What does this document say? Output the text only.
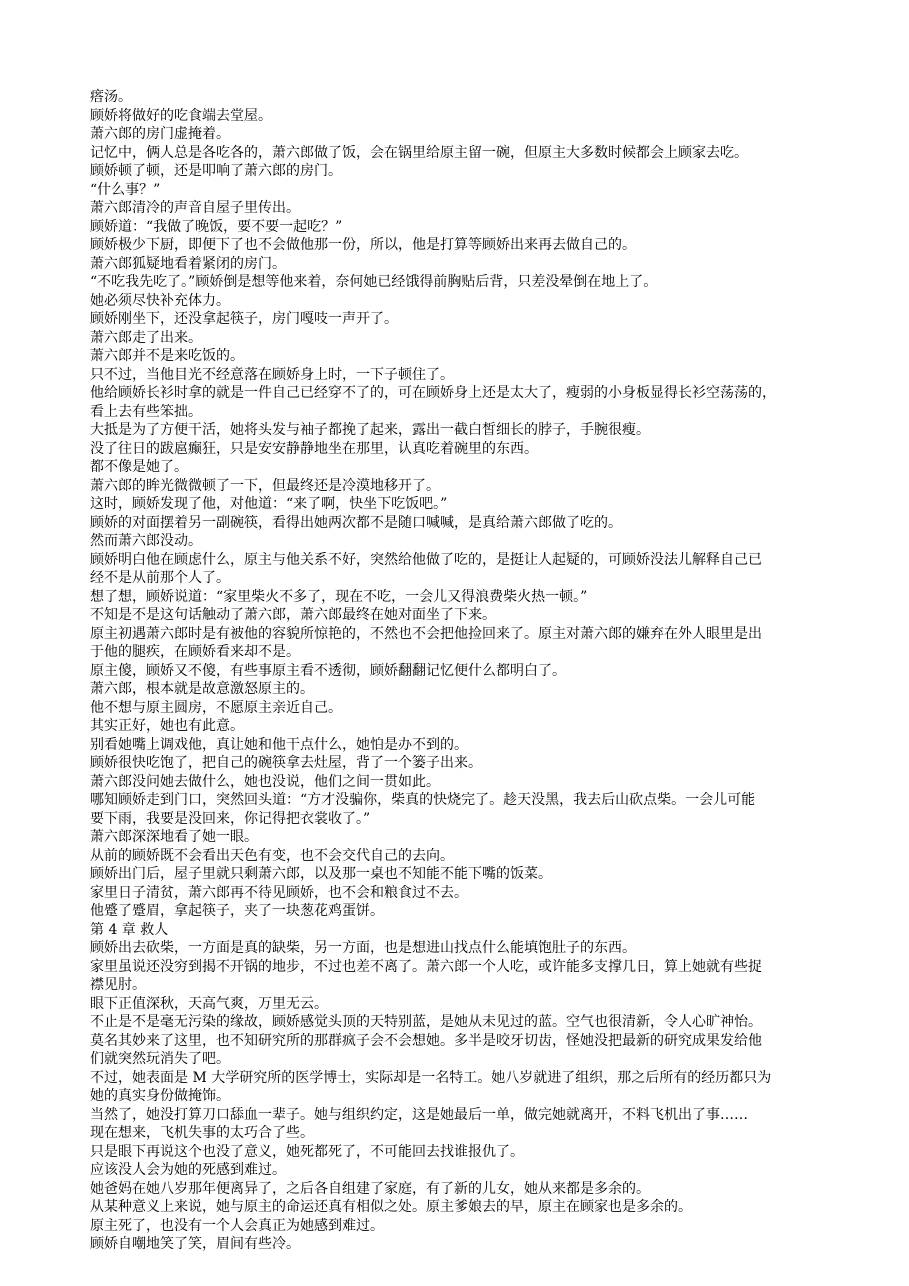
瘩汤。

顾娇将做好的吃食端去堂屋。

萧六郎的房门虚掩着。

记忆中，俩人总是各吃各的，萧六郎做了饭，会在锅里给原主留一碗，但原主大多数时候都会上顾家去吃。

顾娇顿了顿，还是叩响了萧六郎的房门。

“什么事？”

萧六郎清冷的声音自屋子里传出。

顾娇道：“我做了晚饭，要不要一起吃？”

顾娇极少下厨，即便下了也不会做他那一份，所以，他是打算等顾娇出来再去做自己的。

萧六郎狐疑地看着紧闭的房门。

“不吃我先吃了。”顾娇倒是想等他来着，奈何她已经饿得前胸贴后背，只差没晕倒在地上了。

她必须尽快补充体力。

顾娇刚坐下，还没拿起筷子，房门嘎吱一声开了。

萧六郎走了出来。

萧六郎并不是来吃饭的。

只不过，当他目光不经意落在顾娇身上时，一下子顿住了。

他给顾娇长衫时拿的就是一件自己已经穿不了的，可在顾娇身上还是太大了，瘦弱的小身板显得长衫空荡荡的，
看上去有些笨拙。

大抵是为了方便干活，她将头发与袖子都挽了起来，露出一截白皙细长的脖子，手腕很瘦。

没了往日的跋扈癫狂，只是安安静静地坐在那里，认真吃着碗里的东西。

都不像是她了。

萧六郎的眸光微微顿了一下，但最终还是冷漠地移开了。

这时，顾娇发现了他，对他道：“来了啊，快坐下吃饭吧。”

顾娇的对面摆着另一副碗筷，看得出她两次都不是随口喊喊，是真给萧六郎做了吃的。

然而萧六郎没动。

顾娇明白他在顾虑什么，原主与他关系不好，突然给他做了吃的，是挺让人起疑的，可顾娇没法儿解释自己已
经不是从前那个人了。

想了想，顾娇说道：“家里柴火不多了，现在不吃，一会儿又得浪费柴火热一顿。”

不知是不是这句话触动了萧六郎，萧六郎最终在她对面坐了下来。

原主初遇萧六郎时是有被他的容貌所惊艳的，不然也不会把他捡回来了。原主对萧六郎的嫌弃在外人眼里是出
于他的腿疾，在顾娇看来却不是。

原主傻，顾娇又不傻，有些事原主看不透彻，顾娇翻翻记忆便什么都明白了。

萧六郎，根本就是故意激怒原主的。

他不想与原主圆房，不愿原主亲近自己。

其实正好，她也有此意。

别看她嘴上调戏他，真让她和他干点什么，她怕是办不到的。

顾娇很快吃饱了，把自己的碗筷拿去灶屋，背了一个篓子出来。

萧六郎没问她去做什么，她也没说，他们之间一贯如此。

哪知顾娇走到门口，突然回头道：“方才没骗你，柴真的快烧完了。趁天没黑，我去后山砍点柴。一会儿可能
要下雨，我要是没回来，你记得把衣裳收了。”

萧六郎深深地看了她一眼。

从前的顾娇既不会看出天色有变，也不会交代自己的去向。

顾娇出门后，屋子里就只剩萧六郎，以及那一桌也不知能不能下嘴的饭菜。

家里日子清贫，萧六郎再不待见顾娇，也不会和粮食过不去。

他蹙了蹙眉，拿起筷子，夹了一块葱花鸡蛋饼。

第 4 章 救人

顾娇出去砍柴，一方面是真的缺柴，另一方面，也是想进山找点什么能填饱肚子的东西。

家里虽说还没穷到揭不开锅的地步，不过也差不离了。萧六郎一个人吃，或许能多支撑几日，算上她就有些捉
襟见肘。

眼下正值深秋，天高气爽，万里无云。

不止是不是毫无污染的缘故，顾娇感觉头顶的天特别蓝，是她从未见过的蓝。空气也很清新，令人心旷神怡。

莫名其妙来了这里，也不知研究所的那群疯子会不会想她。多半是咬牙切齿，怪她没把最新的研究成果发给他
们就突然玩消失了吧。

不过，她表面是 M 大学研究所的医学博士，实际却是一名特工。她八岁就进了组织，那之后所有的经历都只为
她的真实身份做掩饰。

当然了，她没打算刀口舔血一辈子。她与组织约定，这是她最后一单，做完她就离开，不料飞机出了事……

现在想来，飞机失事的太巧合了些。

只是眼下再说这个也没了意义，她死都死了，不可能回去找谁报仇了。

应该没人会为她的死感到难过。

她爸妈在她八岁那年便离异了，之后各自组建了家庭，有了新的儿女，她从来都是多余的。

从某种意义上来说，她与原主的命运还真有相似之处。原主爹娘去的早，原主在顾家也是多余的。

原主死了，也没有一个人会真正为她感到难过。

顾娇自嘲地笑了笑，眉间有些冷。
